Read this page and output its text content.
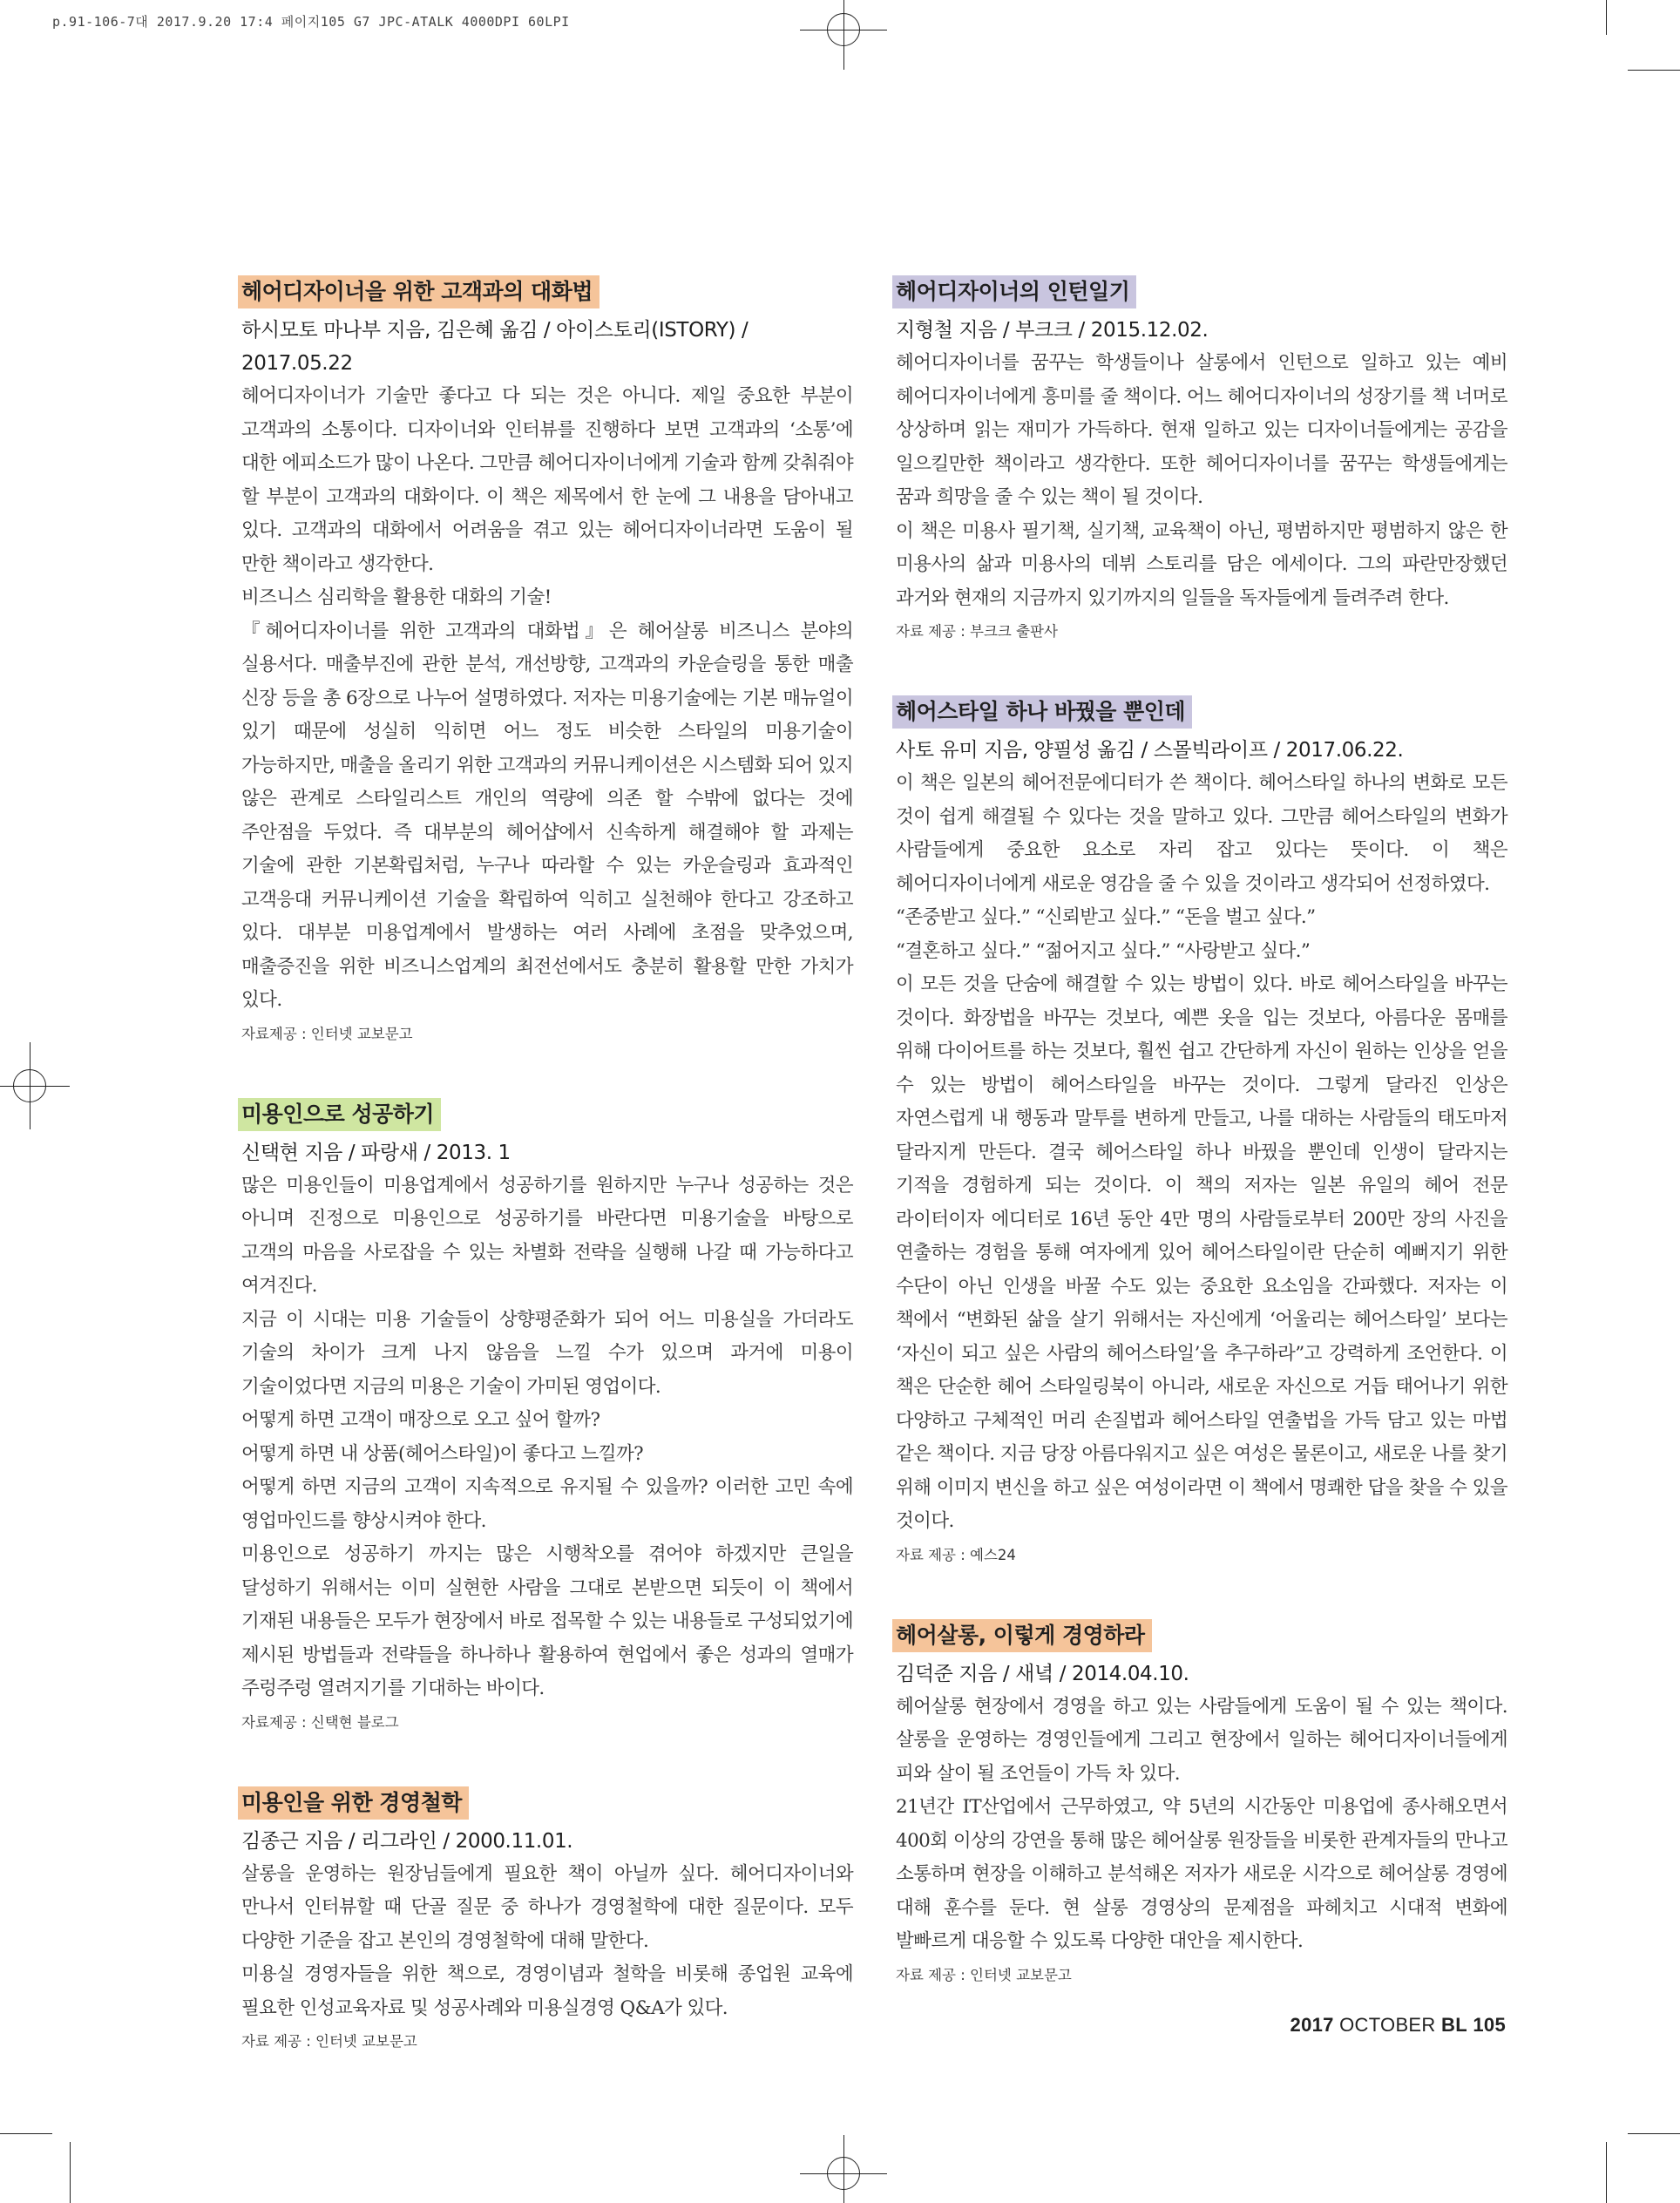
p.91-106-7대 2017.9.20 17:4 페이지105 G7 JPC-ATALK 4000DPI 60LPI
헤어디자이너을 위한 고객과의 대화법
하시모토 마나부 지음, 김은혜 옮김 / 아이스토리(ISTORY) / 2017.05.22

헤어디자이너가 기술만 좋다고 다 되는 것은 아니다. 제일 중요한 부분이 고객과의 소통이다. 디자이너와 인터뷰를 진행하다 보면 고객과의 ‘소통’에 대한 에피소드가 많이 나온다. 그만큼 헤어디자이너에게 기술과 함께 갖춰줘야 할 부분이 고객과의 대화이다. 이 책은 제목에서 한 눈에 그 내용을 담아내고 있다. 고객과의 대화에서 어려움을 겪고 있는 헤어디자이너라면 도움이 될 만한 책이라고 생각한다.

비즈니스 심리학을 활용한 대화의 기술!

『헤어디자이너를 위한 고객과의 대화법』은 헤어살롱 비즈니스 분야의 실용서다. 매출부진에 관한 분석, 개선방향, 고객과의 카운슬링을 통한 매출 신장 등을 총 6장으로 나누어 설명하였다. 저자는 미용기술에는 기본 매뉴얼이 있기 때문에 성실히 익히면 어느 정도 비슷한 스타일의 미용기술이 가능하지만, 매출을 올리기 위한 고객과의 커뮤니케이션은 시스템화 되어 있지 않은 관계로 스타일리스트 개인의 역량에 의존 할 수밖에 없다는 것에 주안점을 두었다. 즉 대부분의 헤어샵에서 신속하게 해결해야 할 과제는 기술에 관한 기본확립처럼, 누구나 따라할 수 있는 카운슬링과 효과적인 고객응대 커뮤니케이션 기술을 확립하여 익히고 실천해야 한다고 강조하고 있다. 대부분 미용업계에서 발생하는 여러 사례에 초점을 맞추었으며, 매출증진을 위한 비즈니스업계의 최전선에서도 충분히 활용할 만한 가치가 있다.

자료제공 : 인터넷 교보문고
미용인으로 성공하기
신택현 지음 / 파랑새 / 2013. 1

많은 미용인들이 미용업계에서 성공하기를 원하지만 누구나 성공하는 것은 아니며 진정으로 미용인으로 성공하기를 바란다면 미용기술을 바탕으로 고객의 마음을 사로잡을 수 있는 차별화 전략을 실행해 나갈 때 가능하다고 여겨진다.

지금 이 시대는 미용 기술들이 상향평준화가 되어 어느 미용실을 가더라도 기술의 차이가 크게 나지 않음을 느낄 수가 있으며 과거에 미용이 기술이었다면 지금의 미용은 기술이 가미된 영업이다.

어떻게 하면 고객이 매장으로 오고 싶어 할까?

어떻게 하면 내 상품(헤어스타일)이 좋다고 느낄까?

어떻게 하면 지금의 고객이 지속적으로 유지될 수 있을까? 이러한 고민 속에 영업마인드를 향상시켜야 한다.

미용인으로 성공하기 까지는 많은 시행착오를 겪어야 하겠지만 큰일을 달성하기 위해서는 이미 실현한 사람을 그대로 본받으면 되듯이 이 책에서 기재된 내용들은 모두가 현장에서 바로 접목할 수 있는 내용들로 구성되었기에 제시된 방법들과 전략들을 하나하나 활용하여 현업에서 좋은 성과의 열매가 주렁주렁 열려지기를 기대하는 바이다.

자료제공 : 신택현 블로그
미용인을 위한 경영철학
김종근 지음 / 리그라인 / 2000.11.01.

살롱을 운영하는 원장님들에게 필요한 책이 아닐까 싶다. 헤어디자이너와 만나서 인터뷰할 때 단골 질문 중 하나가 경영철학에 대한 질문이다. 모두 다양한 기준을 잡고 본인의 경영철학에 대해 말한다.

미용실 경영자들을 위한 책으로, 경영이념과 철학을 비롯해 종업원 교육에 필요한 인성교육자료 및 성공사례와 미용실경영 Q&A가 있다.

자료 제공 : 인터넷 교보문고
헤어디자이너의 인턴일기
지형철 지음 / 부크크 / 2015.12.02.

헤어디자이너를 꿈꾸는 학생들이나 살롱에서 인턴으로 일하고 있는 예비 헤어디자이너에게 흥미를 줄 책이다. 어느 헤어디자이너의 성장기를 책 너머로 상상하며 읽는 재미가 가득하다. 현재 일하고 있는 디자이너들에게는 공감을 일으킬만한 책이라고 생각한다. 또한 헤어디자이너를 꿈꾸는 학생들에게는 꿈과 희망을 줄 수 있는 책이 될 것이다.

이 책은 미용사 필기책, 실기책, 교육책이 아닌, 평범하지만 평범하지 않은 한 미용사의 삶과 미용사의 데뷔 스토리를 담은 에세이다. 그의 파란만장했던 과거와 현재의 지금까지 있기까지의 일들을 독자들에게 들려주려 한다.

자료 제공 : 부크크 출판사
헤어스타일 하나 바꿨을 뿐인데
사토 유미 지음, 양필성 옮김 / 스몰빅라이프 / 2017.06.22.

이 책은 일본의 헤어전문에디터가 쓴 책이다. 헤어스타일 하나의 변화로 모든 것이 쉽게 해결될 수 있다는 것을 말하고 있다. 그만큼 헤어스타일의 변화가 사람들에게 중요한 요소로 자리 잡고 있다는 뜻이다. 이 책은 헤어디자이너에게 새로운 영감을 줄 수 있을 것이라고 생각되어 선정하였다.

“존중받고 싶다.” “신뢰받고 싶다.” “돈을 벌고 싶다.”

“결혼하고 싶다.” “젊어지고 싶다.” “사랑받고 싶다.”

이 모든 것을 단숨에 해결할 수 있는 방법이 있다. 바로 헤어스타일을 바꾸는 것이다. 화장법을 바꾸는 것보다, 예쁜 옷을 입는 것보다, 아름다운 몸매를 위해 다이어트를 하는 것보다, 훨씬 쉽고 간단하게 자신이 원하는 인상을 얻을 수 있는 방법이 헤어스타일을 바꾸는 것이다. 그렇게 달라진 인상은 자연스럽게 내 행동과 말투를 변하게 만들고, 나를 대하는 사람들의 태도마저 달라지게 만든다. 결국 헤어스타일 하나 바꿨을 뿐인데 인생이 달라지는 기적을 경험하게 되는 것이다. 이 책의 저자는 일본 유일의 헤어 전문 라이터이자 에디터로 16년 동안 4만 명의 사람들로부터 200만 장의 사진을 연출하는 경험을 통해 여자에게 있어 헤어스타일이란 단순히 예뻐지기 위한 수단이 아닌 인생을 바꿀 수도 있는 중요한 요소임을 간파했다. 저자는 이 책에서 “변화된 삶을 살기 위해서는 자신에게 ‘어울리는 헤어스타일’ 보다는 ‘자신이 되고 싶은 사람의 헤어스타일’을 추구하라”고 강력하게 조언한다. 이 책은 단순한 헤어 스타일링북이 아니라, 새로운 자신으로 거듭 태어나기 위한 다양하고 구체적인 머리 손질법과 헤어스타일 연출법을 가득 담고 있는 마법 같은 책이다. 지금 당장 아름다워지고 싶은 여성은 물론이고, 새로운 나를 찾기 위해 이미지 변신을 하고 싶은 여성이라면 이 책에서 명쾌한 답을 찾을 수 있을 것이다.

자료 제공 : 예스24
헤어살롱, 이렇게 경영하라
김덕준 지음 / 새녘 / 2014.04.10.

헤어살롱 현장에서 경영을 하고 있는 사람들에게 도움이 될 수 있는 책이다. 살롱을 운영하는 경영인들에게 그리고 현장에서 일하는 헤어디자이너들에게 피와 살이 될 조언들이 가득 차 있다.

21년간 IT산업에서 근무하였고, 약 5년의 시간동안 미용업에 종사해오면서 400회 이상의 강연을 통해 많은 헤어살롱 원장들을 비롯한 관계자들의 만나고 소통하며 현장을 이해하고 분석해온 저자가 새로운 시각으로 헤어살롱 경영에 대해 훈수를 둔다. 현 살롱 경영상의 문제점을 파헤치고 시대적 변화에 발빠르게 대응할 수 있도록 다양한 대안을 제시한다.

자료 제공 : 인터넷 교보문고
2017 OCTOBER BL 105
